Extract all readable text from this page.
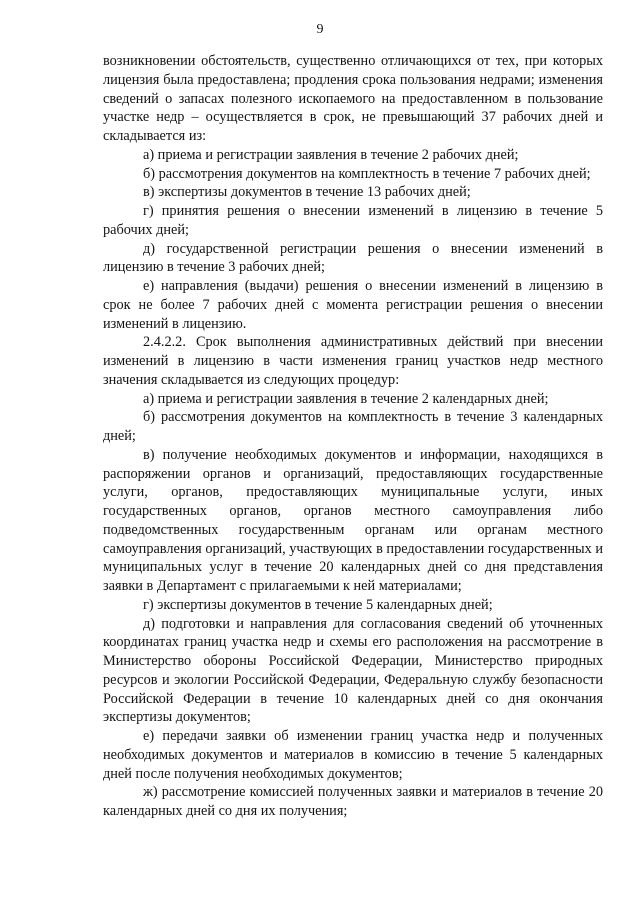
9

возникновении обстоятельств, существенно отличающихся от тех, при которых лицензия была предоставлена; продления срока пользования недрами; изменения сведений о запасах полезного ископаемого на предоставленном в пользование участке недр – осуществляется в срок, не превышающий 37 рабочих дней и складывается из:

а) приема и регистрации заявления в течение 2 рабочих дней;

б) рассмотрения документов на комплектность в течение 7 рабочих дней;

в) экспертизы документов в течение 13 рабочих дней;

г) принятия решения о внесении изменений в лицензию в течение 5 рабочих дней;

д) государственной регистрации решения о внесении изменений в лицензию в течение 3 рабочих дней;

е) направления (выдачи) решения о внесении изменений в лицензию в срок не более 7 рабочих дней с момента регистрации решения о внесении изменений в лицензию.

2.4.2.2. Срок выполнения административных действий при внесении изменений в лицензию в части изменения границ участков недр местного значения складывается из следующих процедур:

а) приема и регистрации заявления в течение 2 календарных дней;

б) рассмотрения документов на комплектность в течение 3 календарных дней;

в) получение необходимых документов и информации, находящихся в распоряжении органов и организаций, предоставляющих государственные услуги, органов, предоставляющих муниципальные услуги, иных государственных органов, органов местного самоуправления либо подведомственных государственным органам или органам местного самоуправления организаций, участвующих в предоставлении государственных и муниципальных услуг в течение 20 календарных дней со дня представления заявки в Департамент с прилагаемыми к ней материалами;

г) экспертизы документов в течение 5 календарных дней;

д) подготовки и направления для согласования сведений об уточненных координатах границ участка недр и схемы его расположения на рассмотрение в Министерство обороны Российской Федерации, Министерство природных ресурсов и экологии Российской Федерации, Федеральную службу безопасности Российской Федерации в течение 10 календарных дней со дня окончания экспертизы документов;

е) передачи заявки об изменении границ участка недр и полученных необходимых документов и материалов в комиссию в течение 5 календарных дней после получения необходимых документов;

ж) рассмотрение комиссией полученных заявки и материалов в течение 20 календарных дней со дня их получения;
